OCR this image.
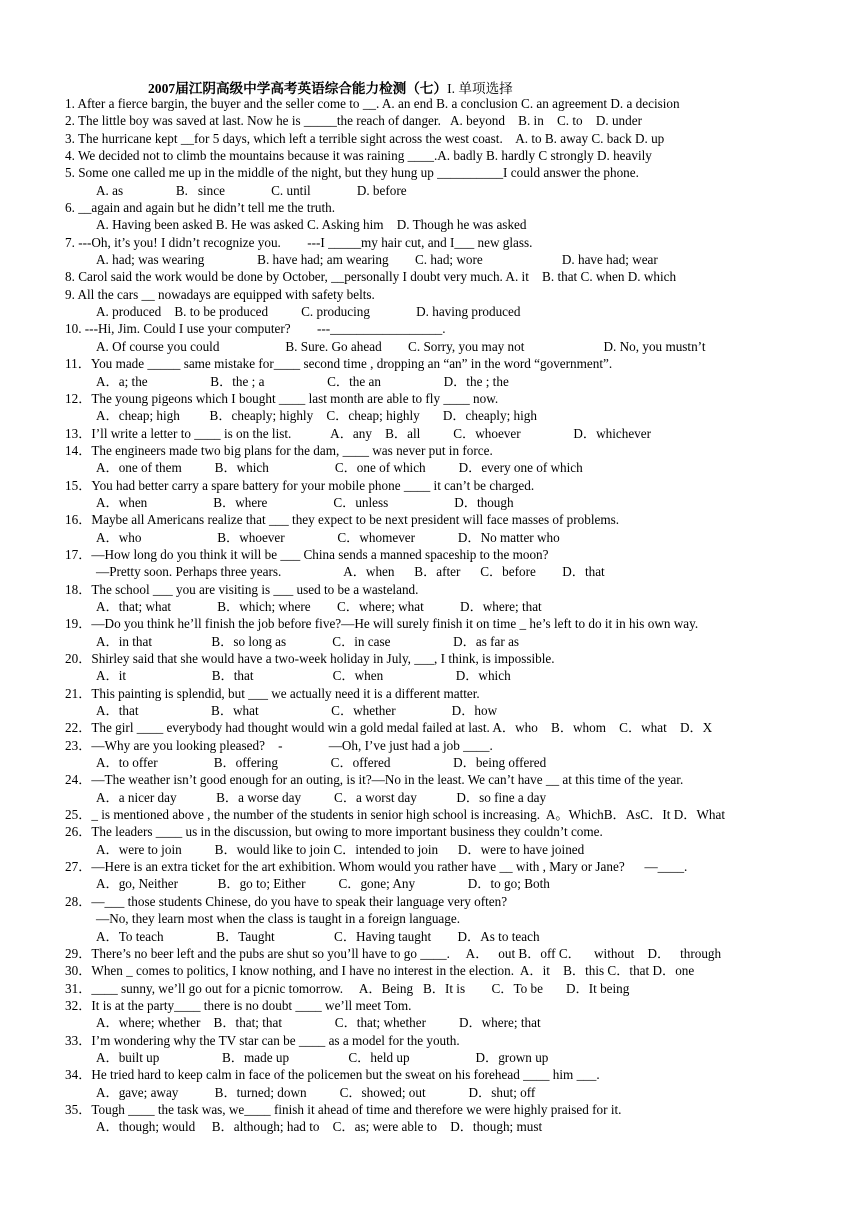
2007届江阴高级中学高考英语综合能力检测（七）I. 单项选择
1. After a fierce bargin, the buyer and the seller come to __. A. an end B. a conclusion C. an agreement D. a decision
2. The little boy was saved at last. Now he is _____the reach of danger.   A. beyond    B. in    C. to    D. under
3. The hurricane kept __for 5 days, which left a terrible sight across the west coast.    A. to B. away C. back D. up
4. We decided not to climb the mountains because it was raining ____.A. badly B. hardly C strongly D. heavily
5. Some one called me up in the middle of the night, but they hung up __________I could answer the phone.
A. as                B.   since              C. until              D. before
6. __again and again but he didn’t tell me the truth.
A. Having been asked B. He was asked C. Asking him    D. Though he was asked
7. ---Oh, it’s you! I didn’t recognize you.        ---I _____my hair cut, and I___ new glass.
A. had; was wearing                B. have had; am wearing        C. had; wore                        D. have had; wear
8. Carol said the work would be done by October, __personally I doubt very much. A. it    B. that C. when D. which
9. All the cars __ nowadays are equipped with safety belts.
A. produced    B. to be produced          C. producing              D. having produced
10. ---Hi, Jim. Could I use your computer?        ---_________________.
A. Of course you could                    B. Sure. Go ahead        C. Sorry, you may not                        D. No, you mustn’t
11．You made _____ same mistake for____ second time , dropping an “an” in the word “government”.
A．a; the                   B．the ; a                   C．the an                   D．the ; the
12．The young pigeons which I bought ____ last month are able to fly ____ now.
A．cheap; high         B．cheaply; highly    C．cheap; highly       D．cheaply; high
13．I’ll write a letter to ____ is on the list.            A．any    B．all          C．whoever                D．whichever
14．The engineers made two big plans for the dam, ____ was never put in force.
A．one of them          B．which                    C．one of which          D．every one of which
15．You had better carry a spare battery for your mobile phone ____ it can’t be charged.
A．when                    B．where                    C．unless                    D．though
16．Maybe all Americans realize that ___ they expect to be next president will face masses of problems.
A．who                       B．whoever                C．whomever             D．No matter who
17．—How long do you think it will be ___ China sends a manned spaceship to the moon?
—Pretty soon. Perhaps three years.                   A．when      B．after      C．before        D．that
18．The school ___ you are visiting is ___ used to be a wasteland.
A．that; what              B．which; where        C．where; what           D．where; that
19．—Do you think he’ll finish the job before five?—He will surely finish it on time _ he’s left to do it in his own way.
A．in that                  B．so long as              C．in case                   D．as far as
20．Shirley said that she would have a two-week holiday in July, ___, I think, is impossible.
A．it                          B．that                        C．when                      D．which
21．This painting is splendid, but ___ we actually need it is a different matter.
A．that                      B．what                      C．whether                 D．how
22．The girl ____ everybody had thought would win a gold medal failed at last. A．who    B．whom    C．what    D．X
23．—Why are you looking pleased?    -              —Oh, I’ve just had a job ____.
A．to offer                 B．offering                C．offered                   D．being offered
24．—The weather isn’t good enough for an outing, is it?—No in the least. We can’t have __ at this time of the year.
A．a nicer day            B．a worse day          C．a worst day            D．so fine a day
25．_ is mentioned above , the number of the students in senior high school is increasing.  A。WhichB．AsC．It D．What
26．The leaders ____ us in the discussion, but owing to more important business they couldn’t come.
A．were to join          B．would like to join C．intended to join      D．were to have joined
27．—Here is an extra ticket for the art exhibition. Whom would you rather have __ with , Mary or Jane?      —____.
A．go, Neither            B．go to; Either          C．gone; Any                D．to go; Both
28．—___ those students Chinese, do you have to speak their language very often?
—No, they learn most when the class is taught in a foreign language.
A．To teach                B．Taught                  C．Having taught        D．As to teach
29．There’s no beer left and the pubs are shut so you’ll have to go ____.     A．   out B．off C．    without    D．   through
30．When _ comes to politics, I know nothing, and I have no interest in the election.  A．it    B．this C．that D．one
31．____ sunny, we’ll go out for a picnic tomorrow.     A．Being   B．It is        C．To be       D．It being
32．It is at the party____ there is no doubt ____ we’ll meet Tom.
A．where; whether    B．that; that                C．that; whether          D．where; that
33．I’m wondering why the TV star can be ____ as a model for the youth.
A．built up                   B．made up                  C．held up                    D．grown up
34．He tried hard to keep calm in face of the policemen but the sweat on his forehead ____ him ___.
A．gave; away           B．turned; down          C．showed; out             D．shut; off
35．Tough ____ the task was, we____ finish it ahead of time and therefore we were highly praised for it.
A．though; would     B．although; had to    C．as; were able to    D．though; must
